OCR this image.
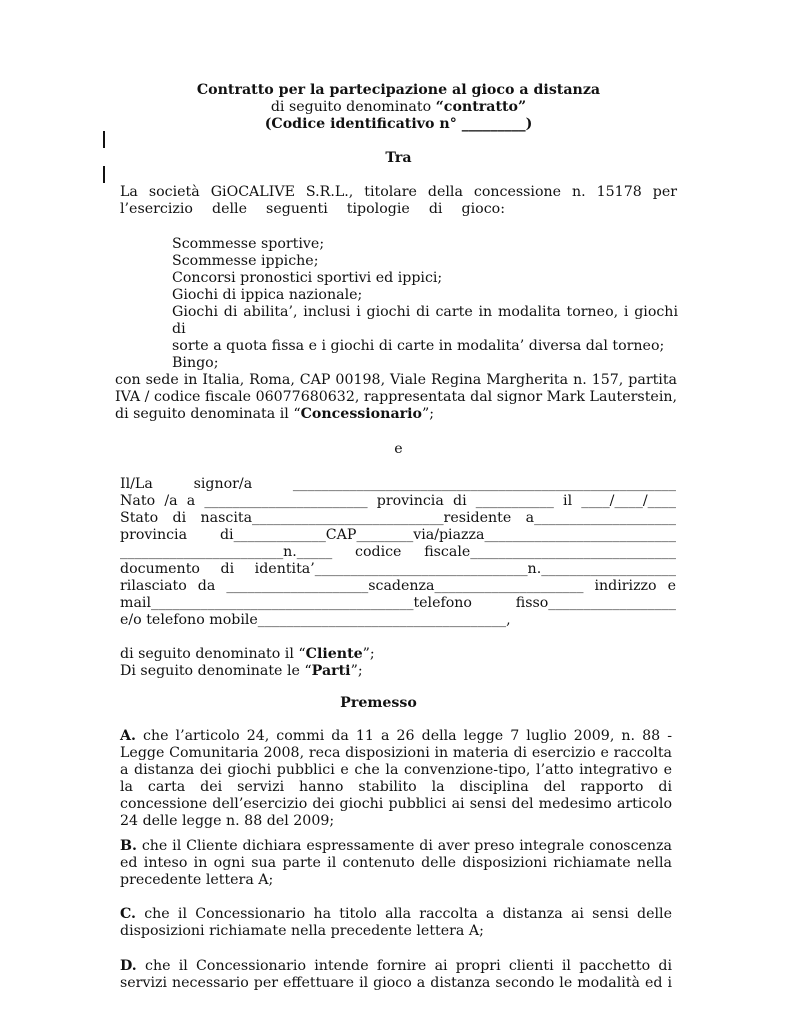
Contratto per la partecipazione al gioco a distanza
di seguito denominato “contratto”
(Codice identificativo n° _________)
Tra
La società GiOCALIVE S.R.L., titolare della concessione n. 15178 per
l’esercizio delle seguenti tipologie di gioco:

Scommesse sportive;

Scommesse ippiche;

Concorsi pronostici sportivi ed ippici;

Giochi di ippica nazionale;

Giochi di abilita’, inclusi i giochi di carte in modalita torneo, i giochi di

sorte a quota fissa e i giochi di carte in modalita’ diversa dal torneo;

Bingo;

con sede in Italia, Roma, CAP 00198, Viale Regina Margherita n. 157, partita
IVA / codice fiscale 06077680632, rappresentata dal signor Mark Lauterstein,

di seguito denominata il “Concessionario”;

e
Il/La signor/a ______________________________________________________
Nato /a a _______________________ provincia di ___________ il ____/____/____
Stato di nascita___________________________residente a____________________
provincia di_____________CAP________via/piazza___________________________
_______________________n._____ codice fiscale_____________________________
documento di identita’______________________________n.___________________
rilasciato da ____________________scadenza_____________________ indirizzo e
mail_____________________________________telefono fisso__________________

e/o telefono mobile___________________________________,

di seguito denominato il “Cliente”;

Di seguito denominate le “Parti”;

Premesso
A. che l’articolo 24, commi da 11 a 26 della legge 7 luglio 2009, n. 88 -
Legge Comunitaria 2008, reca disposizioni in materia di esercizio e raccolta
a distanza dei giochi pubblici e che la convenzione-tipo, l’atto integrativo e
la carta dei servizi hanno stabilito la disciplina del rapporto di
concessione dell’esercizio dei giochi pubblici ai sensi del medesimo articolo

24 delle legge n. 88 del 2009;

B. che il Cliente dichiara espressamente di aver preso integrale conoscenza
ed inteso in ogni sua parte il contenuto delle disposizioni richiamate nella

precedente lettera A;

C. che il Concessionario ha titolo alla raccolta a distanza ai sensi delle

disposizioni richiamate nella precedente lettera A;

D. che il Concessionario intende fornire ai propri clienti il pacchetto di
servizi necessario per effettuare il gioco a distanza secondo le modalità ed i
